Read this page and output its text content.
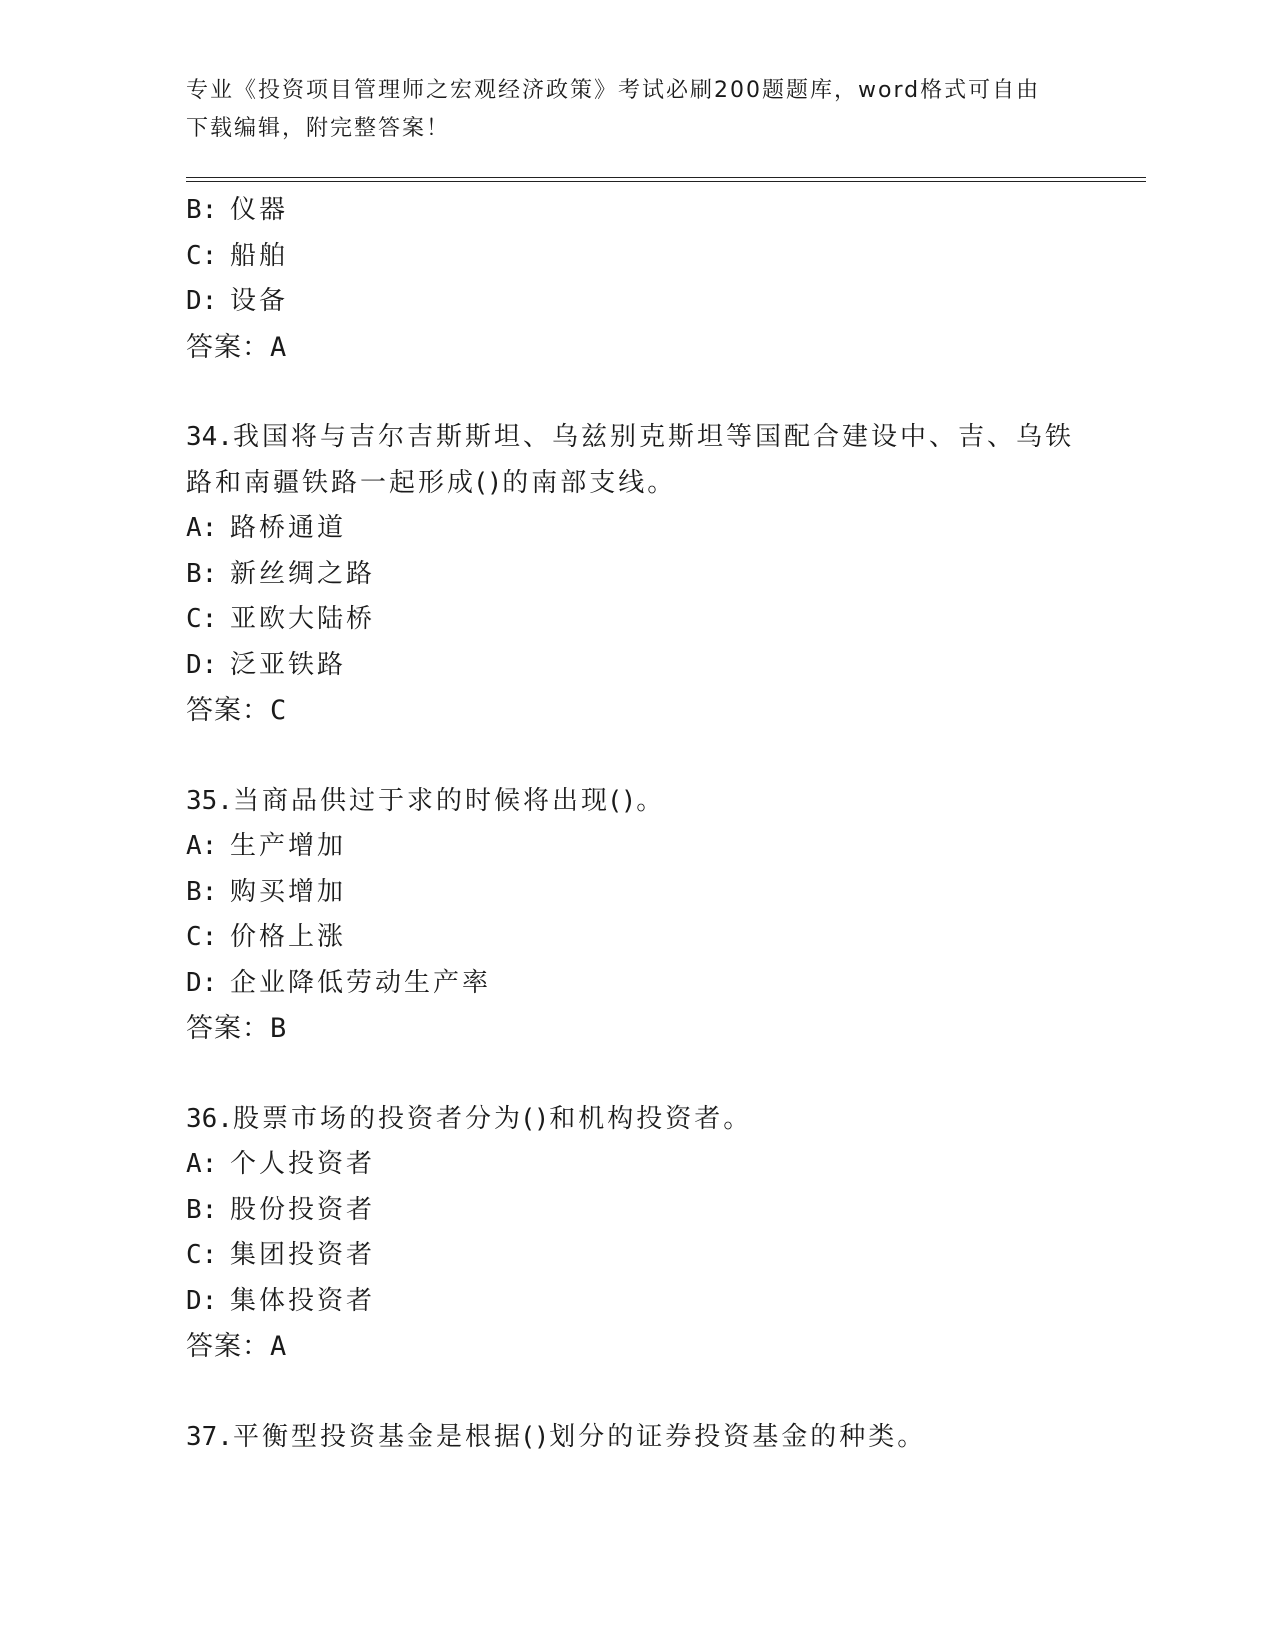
专业《投资项目管理师之宏观经济政策》考试必刷200题题库，word格式可自由
下载编辑，附完整答案！
B: 仪器
C: 船舶
D: 设备
答案：A
34.我国将与吉尔吉斯斯坦、乌兹别克斯坦等国配合建设中、吉、乌铁
路和南疆铁路一起形成()的南部支线。
A: 路桥通道
B: 新丝绸之路
C: 亚欧大陆桥
D: 泛亚铁路
答案：C
35.当商品供过于求的时候将出现()。
A: 生产增加
B: 购买增加
C: 价格上涨
D: 企业降低劳动生产率
答案：B
36.股票市场的投资者分为()和机构投资者。
A: 个人投资者
B: 股份投资者
C: 集团投资者
D: 集体投资者
答案：A
37.平衡型投资基金是根据()划分的证券投资基金的种类。
